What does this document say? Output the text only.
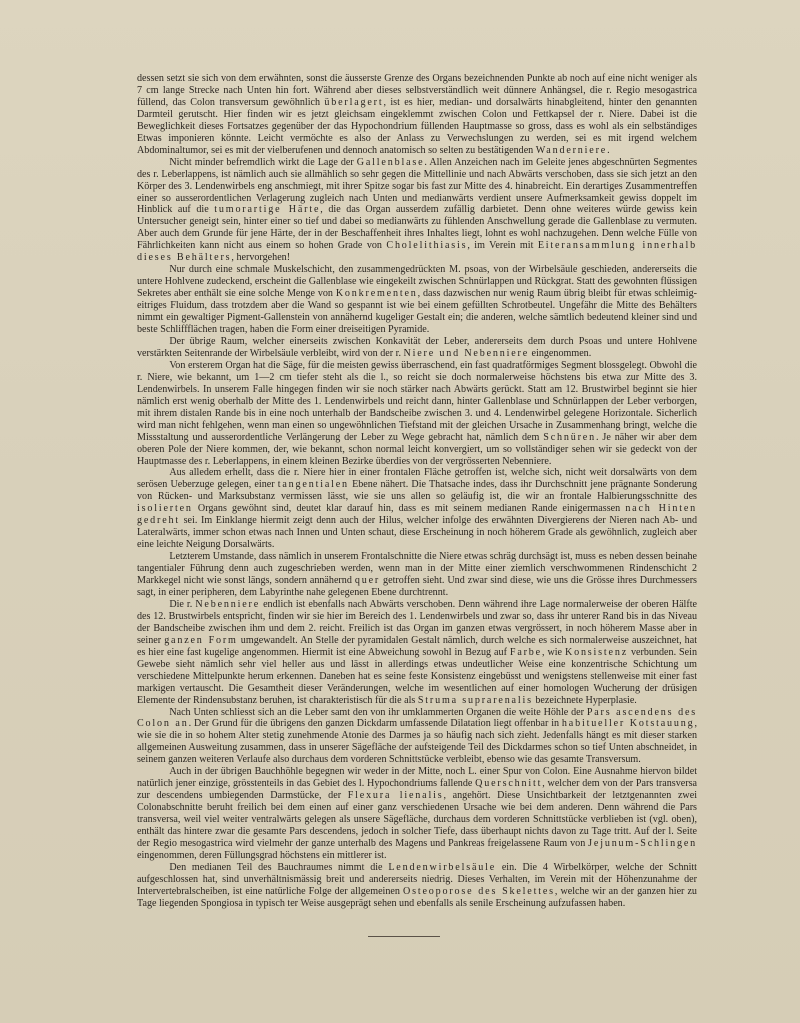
dessen setzt sie sich von dem erwähnten, sonst die äusserste Grenze des Organs bezeichnenden Punkte ab noch auf eine nicht weniger als 7 cm lange Strecke nach Unten hin fort. Während aber dieses selbstverständlich weit dünnere Anhängsel, die r. Regio mesogastrica füllend, das Colon transversum gewöhnlich überlagert, ist es hier, median- und dorsalwärts hinabgleitend, hinter den genannten Darmteil gerutscht. Hier finden wir es jetzt gleichsam eingeklemmt zwischen Colon und Fettkapsel der r. Niere. Dabei ist die Beweglichkeit dieses Fortsatzes gegenüber der das Hypochondrium füllenden Hauptmasse so gross, dass es wohl als ein selbständiges Etwas imponieren könnte. Leicht vermöchte es also der Anlass zu Verwechslungen zu werden, sei es mit irgend welchem Abdominaltumor, sei es mit der vielberufenen und dennoch anatomisch so selten zu bestätigenden Wanderniere.

Nicht minder befremdlich wirkt die Lage der Gallenblase. Allen Anzeichen nach im Geleite jenes abgeschnürten Segmentes des r. Leberlappens, ist nämlich auch sie allmählich so sehr gegen die Mittellinie und nach Abwärts verschoben, dass sie sich jetzt an den Körper des 3. Lendenwirbels eng anschmiegt, mit ihrer Spitze sogar bis fast zur Mitte des 4. hinabreicht. Ein derartiges Zusammentreffen einer so ausserordentlichen Verlagerung zugleich nach Unten und medianwärts verdient unsere Aufmerksamkeit gewiss doppelt im Hinblick auf die tumorartige Härte, die das Organ ausserdem zufällig darbietet. Denn ohne weiteres würde gewiss kein Untersucher geneigt sein, hinter einer so tief und dabei so medianwärts zu fühlenden Anschwellung gerade die Gallenblase zu vermuten. Aber auch dem Grunde für jene Härte, der in der Beschaffenheit ihres Inhaltes liegt, lohnt es wohl nachzugehen. Denn welche Fülle von Fährlichkeiten kann nicht aus einem so hohen Grade von Cholelithiasis, im Verein mit Eiteransammlung innerhalb dieses Behälters, hervorgehen!

Nur durch eine schmale Muskelschicht, den zusammengedrückten M. psoas, von der Wirbelsäule geschieden, andererseits die untere Hohlvene zudeckend, erscheint die Gallenblase wie eingekeilt zwischen Schnürlappen und Rückgrat. Statt des gewohnten flüssigen Sekretes aber enthält sie eine solche Menge von Konkrementen, dass dazwischen nur wenig Raum übrig bleibt für etwas schleimig-eitriges Fluidum, dass trotzdem aber die Wand so gespannt ist wie bei einem gefüllten Schrotbeutel. Ungefähr die Mitte des Behälters nimmt ein gewaltiger Pigment-Gallenstein von annähernd kugeliger Gestalt ein; die anderen, welche sämtlich bedeutend kleiner sind und beste Schliffflächen tragen, haben die Form einer dreiseitigen Pyramide.

Der übrige Raum, welcher einerseits zwischen Konkavität der Leber, andererseits dem durch Psoas und untere Hohlvene verstärkten Seitenrande der Wirbelsäule verbleibt, wird von der r. Niere und Nebenniere eingenommen.

Von ersterem Organ hat die Säge, für die meisten gewiss überraschend, ein fast quadratförmiges Segment blossgelegt. Obwohl die r. Niere, wie bekannt, um 1—2 cm tiefer steht als die l., so reicht sie doch normalerweise höchstens bis etwa zur Mitte des 3. Lendenwirbels. In unserem Falle hingegen finden wir sie noch stärker nach Abwärts gerückt. Statt am 12. Brustwirbel beginnt sie hier nämlich erst wenig oberhalb der Mitte des 1. Lendenwirbels und reicht dann, hinter Gallenblase und Schnürlappen der Leber verborgen, mit ihrem distalen Rande bis in eine noch unterhalb der Bandscheibe zwischen 3. und 4. Lendenwirbel gelegene Horizontale. Sicherlich wird man nicht fehlgehen, wenn man einen so ungewöhnlichen Tiefstand mit der gleichen Ursache in Zusammenhang bringt, welche die Missstaltung und ausserordentliche Verlängerung der Leber zu Wege gebracht hat, nämlich dem Schnüren. Je näher wir aber dem oberen Pole der Niere kommen, der, wie bekannt, schon normal leicht konvergiert, um so vollständiger sehen wir sie gedeckt von der Hauptmasse des r. Leberlappens, in einem kleinen Bezirke überdies von der vergrösserten Nebenniere.

Aus alledem erhellt, dass die r. Niere hier in einer frontalen Fläche getroffen ist, welche sich, nicht weit dorsalwärts von dem serösen Ueberzuge gelegen, einer tangentialen Ebene nähert. Die Thatsache indes, dass ihr Durchschnitt jene prägnante Sonderung von Rücken- und Marksubstanz vermissen lässt, wie sie uns allen so geläufig ist, die wir an frontale Halbierungsschnitte des isolierten Organs gewöhnt sind, deutet klar darauf hin, dass es mit seinem medianen Rande einigermassen nach Hinten gedreht sei. Im Einklange hiermit zeigt denn auch der Hilus, welcher infolge des erwähnten Divergierens der Nieren nach Ab- und Lateralwärts, immer schon etwas nach Innen und Unten schaut, diese Erscheinung in noch höherem Grade als gewöhnlich, zugleich aber eine leichte Neigung Dorsalwärts.

Letzterem Umstande, dass nämlich in unserem Frontalschnitte die Niere etwas schräg durchsägt ist, muss es neben dessen beinahe tangentialer Führung denn auch zugeschrieben werden, wenn man in der Mitte einer ziemlich verschwommenen Rindenschicht 2 Markkegel nicht wie sonst längs, sondern annähernd quer getroffen sieht. Und zwar sind diese, wie uns die Grösse ihres Durchmessers sagt, in einer peripheren, dem Labyrinthe nahe gelegenen Ebene durchtrennt.

Die r. Nebenniere endlich ist ebenfalls nach Abwärts verschoben. Denn während ihre Lage normalerweise der oberen Hälfte des 12. Brustwirbels entspricht, finden wir sie hier im Bereich des 1. Lendenwirbels und zwar so, dass ihr unterer Rand bis in das Niveau der Bandscheibe zwischen ihm und dem 2. reicht. Freilich ist das Organ im ganzen etwas vergrössert, in noch höherem Masse aber in seiner ganzen Form umgewandelt. An Stelle der pyramidalen Gestalt nämlich, durch welche es sich normalerweise auszeichnet, hat es hier eine fast kugelige angenommen. Hiermit ist eine Abweichung sowohl in Bezug auf Farbe, wie Konsistenz verbunden. Sein Gewebe sieht nämlich sehr viel heller aus und lässt in allerdings etwas undeutlicher Weise eine konzentrische Schichtung um verschiedene Mittelpunkte herum erkennen. Daneben hat es seine feste Konsistenz eingebüsst und wenigstens stellenweise mit einer fast markigen vertauscht. Die Gesamtheit dieser Veränderungen, welche im wesentlichen auf einer homologen Wucherung der drüsigen Elemente der Rindensubstanz beruhen, ist charakteristisch für die als Struma suprarenalis bezeichnete Hyperplasie.

Nach Unten schliesst sich an die Leber samt den von ihr umklammerten Organen die weite Höhle der Pars ascendens des Colon an. Der Grund für die übrigens den ganzen Dickdarm umfassende Dilatation liegt offenbar in habitueller Kotstauung, wie sie die in so hohem Alter stetig zunehmende Atonie des Darmes ja so häufig nach sich zieht. Jedenfalls hängt es mit dieser starken allgemeinen Ausweitung zusammen, dass in unserer Sägefläche der aufsteigende Teil des Dickdarmes schon so tief Unten abschneidet, in seinem ganzen weiteren Verlaufe also durchaus dem vorderen Schnittstücke verbleibt, ebenso wie das gesamte Transversum.

Auch in der übrigen Bauchhöhle begegnen wir weder in der Mitte, noch L. einer Spur von Colon. Eine Ausnahme hiervon bildet natürlich jener einzige, grösstenteils in das Gebiet des l. Hypochondriums fallende Querschnitt, welcher dem von der Pars transversa zur descendens umbiegenden Darmstücke, der Flexura lienalis, angehört. Diese Unsichtbarkeit der letztgenannten zwei Colonabschnitte beruht freilich bei dem einen auf einer ganz verschiedenen Ursache wie bei dem anderen. Denn während die Pars transversa, weil viel weiter ventralwärts gelegen als unsere Sägefläche, durchaus dem vorderen Schnittstücke verblieben ist (vgl. oben), enthält das hintere zwar die gesamte Pars descendens, jedoch in solcher Tiefe, dass überhaupt nichts davon zu Tage tritt. Auf der l. Seite der Regio mesogastrica wird vielmehr der ganze unterhalb des Magens und Pankreas freigelassene Raum von Jejunum-Schlingen eingenommen, deren Füllungsgrad höchstens ein mittlerer ist.

Den medianen Teil des Bauchraumes nimmt die Lendenwirbelsäule ein. Die 4 Wirbelkörper, welche der Schnitt aufgeschlossen hat, sind unverhältnismässig breit und andererseits niedrig. Dieses Verhalten, im Verein mit der Höhenzunahme der Intervertebralscheiben, ist eine natürliche Folge der allgemeinen Osteoporose des Skelettes, welche wir an der ganzen hier zu Tage liegenden Spongiosa in typisch ter Weise ausgeprägt sehen und ebenfalls als senile Erscheinung aufzufassen haben.
